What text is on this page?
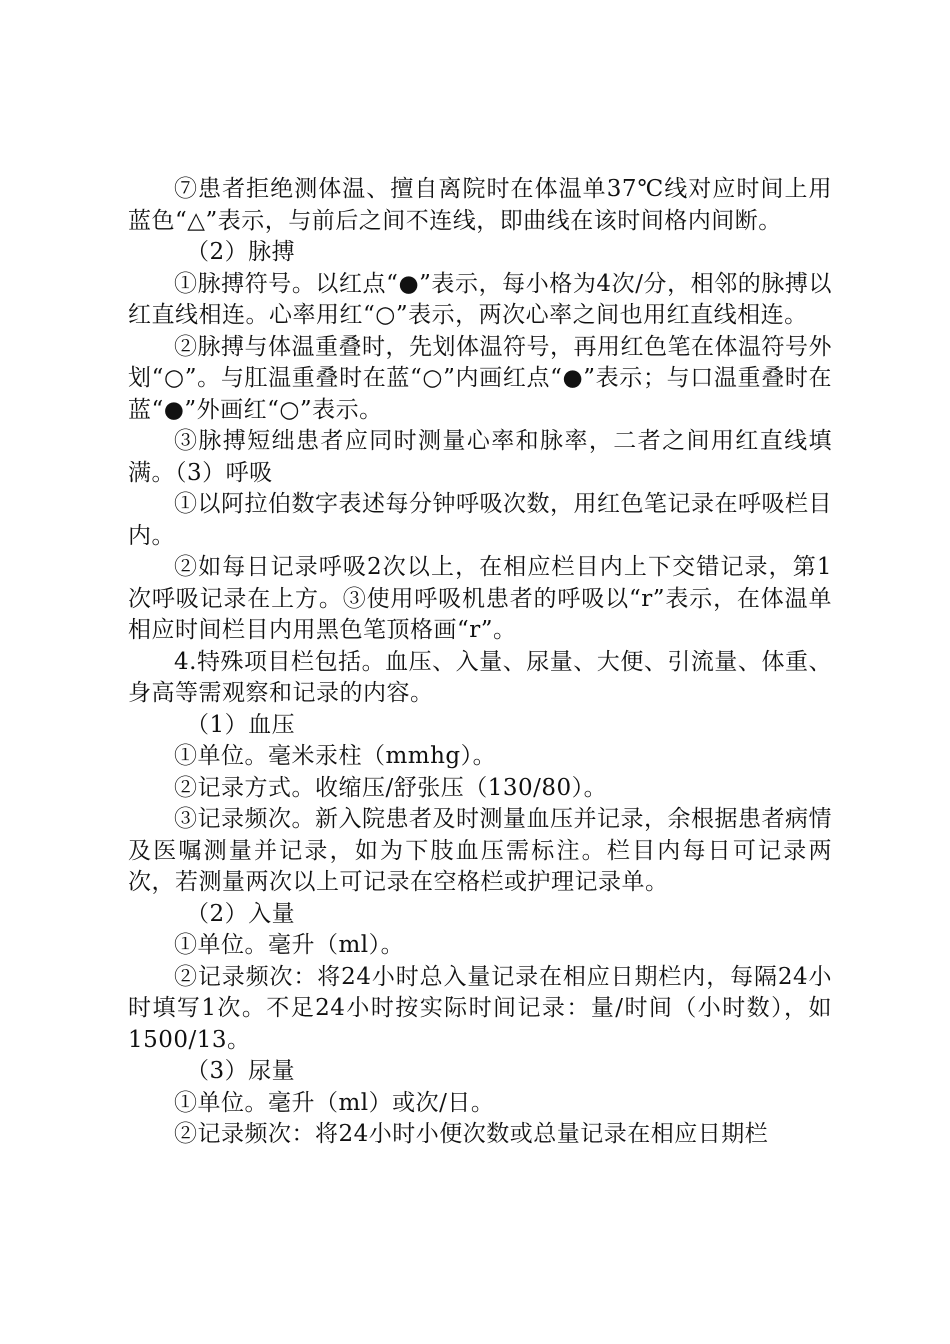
⑦患者拒绝测体温、擅自离院时在体温单37℃线对应时间上用蓝色“△”表示，与前后之间不连线，即曲线在该时间格内间断。

（2）脉搏

①脉搏符号。以红点“●”表示，每小格为4次/分，相邻的脉搏以红直线相连。心率用红“○”表示，两次心率之间也用红直线相连。

②脉搏与体温重叠时，先划体温符号，再用红色笔在体温符号外划“○”。与肛温重叠时在蓝“○”内画红点“●”表示；与口温重叠时在蓝“●”外画红“○”表示。

③脉搏短绌患者应同时测量心率和脉率，二者之间用红直线填满。（3）呼吸

①以阿拉伯数字表述每分钟呼吸次数，用红色笔记录在呼吸栏目内。

②如每日记录呼吸2次以上，在相应栏目内上下交错记录，第1次呼吸记录在上方。③使用呼吸机患者的呼吸以“r”表示，在体温单相应时间栏目内用黑色笔顶格画“r”。

4.特殊项目栏包括。血压、入量、尿量、大便、引流量、体重、身高等需观察和记录的内容。

（1）血压

①单位。毫米汞柱（mmhg）。

②记录方式。收缩压/舒张压（130/80）。

③记录频次。新入院患者及时测量血压并记录，余根据患者病情及医嘱测量并记录，如为下肢血压需标注。栏目内每日可记录两次，若测量两次以上可记录在空格栏或护理记录单。

（2）入量

①单位。毫升（ml）。

②记录频次：将24小时总入量记录在相应日期栏内，每隔24小时填写1次。不足24小时按实际时间记录：量/时间（小时数），如1500/13。

（3）尿量

①单位。毫升（ml）或次/日。

②记录频次：将24小时小便次数或总量记录在相应日期栏
